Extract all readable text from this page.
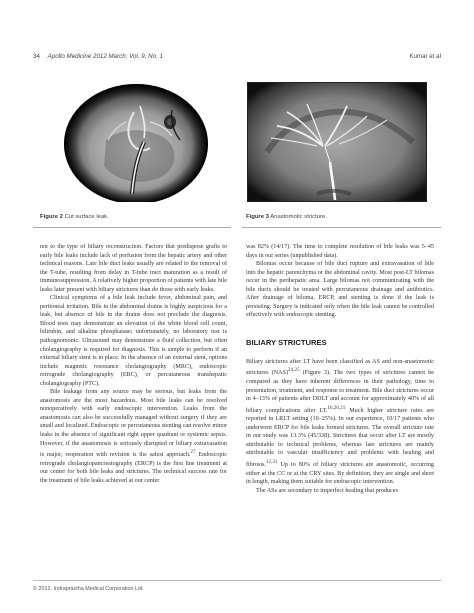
34 Apollo Medicine 2012 March; Vol. 9, No. 1	Kumar et al
Figure 2 Cut surface leak.	Figure 3 Anastomotic stricture.

not to the type of biliary reconstruction. Factors that predispose grafts to early bile leaks include lack of perfusion from the hepatic artery and other technical reasons. Late bile duct leaks usually are related to the removal of the T-tube, resulting from delay in T-tube tract maturation as a result of immunosuppression. A relatively higher proportion of patients with late bile leaks later present with biliary strictures than do those with early leaks.

Clinical symptoms of a bile leak include fever, abdominal pain, and peritoneal irritation. Bile in the abdominal drains is highly suspicious for a leak, but absence of bile in the drains does not preclude the diagnosis. Blood tests may demonstrate an elevation of the white blood cell count, bilirubin, and alkaline phosphatase; unfortunately, no laboratory test is pathognomonic. Ultrasound may demonstrate a fluid collection, but often cholangiography is required for diagnosis. This is simple to perform if an external biliary stent is in place. In the absence of an external stent, options include magnetic resonance cholangiography (MRC), endoscopic retrograde cholangiography (ERC), or percutaneous transhepatic cholangiography (PTC).

Bile leakage from any source may be serious, but leaks from the anastomosis are the most hazardous. Most bile leaks can be resolved nonoperatively with early endoscopic intervention. Leaks from the anastomosis can also be successfully managed without surgery if they are small and localized. Endoscopic or percutaneous stenting can resolve minor leaks in the absence of significant right upper quadrant or systemic sepsis. However, if the anastomosis is seriously disrupted or biliary extravasation is major, reoperation with revision is the safest approach.$^{27}$ Endoscopic retrograde cholangiopancreatography (ERCP) is the first line treatment at our center for both bile leaks and strictures. The technical success rate for the treatment of bile leaks achieved at our center

was 82% (14/17). The time to complete resolution of bile leaks was 5–45 days in our series (unpublished data).

Bilomas occur because of bile duct rupture and extravasation of bile into the hepatic parenchyma or the abdominal cavity. Most post-LT bilomas occur in the perihepatic area. Large bilomas not communicating with the bile ducts should be treated with percutaneous drainage and antibiotics. After drainage of biloma, ERCP, and stenting is done if the leak is persisting. Surgery is indicated only when the bile leak cannot be controlled effectively with endoscopic stenting.

BILIARY STRICTURES

Biliary strictures after LT have been classified as AS and non-anastomotic strictures (NAS)$^{24,25}$ (Figure 3). The two types of strictures cannot be compared as they have inherent differences in their pathology, time to presentation, treatment, and response to treatment. Bile duct strictures occur in 4–13% of patients after DDLT and account for approximately 40% of all biliary complications after LT.$^{16,20,21}$ Much higher stricture rates are reported in LRLT setting (10–25%). In our experience, 10/17 patients who underwent ERCP for bile leaks formed strictures. The overall stricture rate in our study was 13.3% (45/338). Strictures that occur after LT are mostly attributable to technical problems, whereas late strictures are mainly attributable to vascular insufficiency and problems with healing and fibrosis.$^{12,31}$ Up to 80% of biliary strictures are anastomotic, occurring either at the CC or at the CRY sites. By definition, they are single and short in length, making them suitable for endoscopic intervention.

The ASs are secondary to imperfect healing that produces

© 2012, Indraprastha Medical Corporation Ltd
